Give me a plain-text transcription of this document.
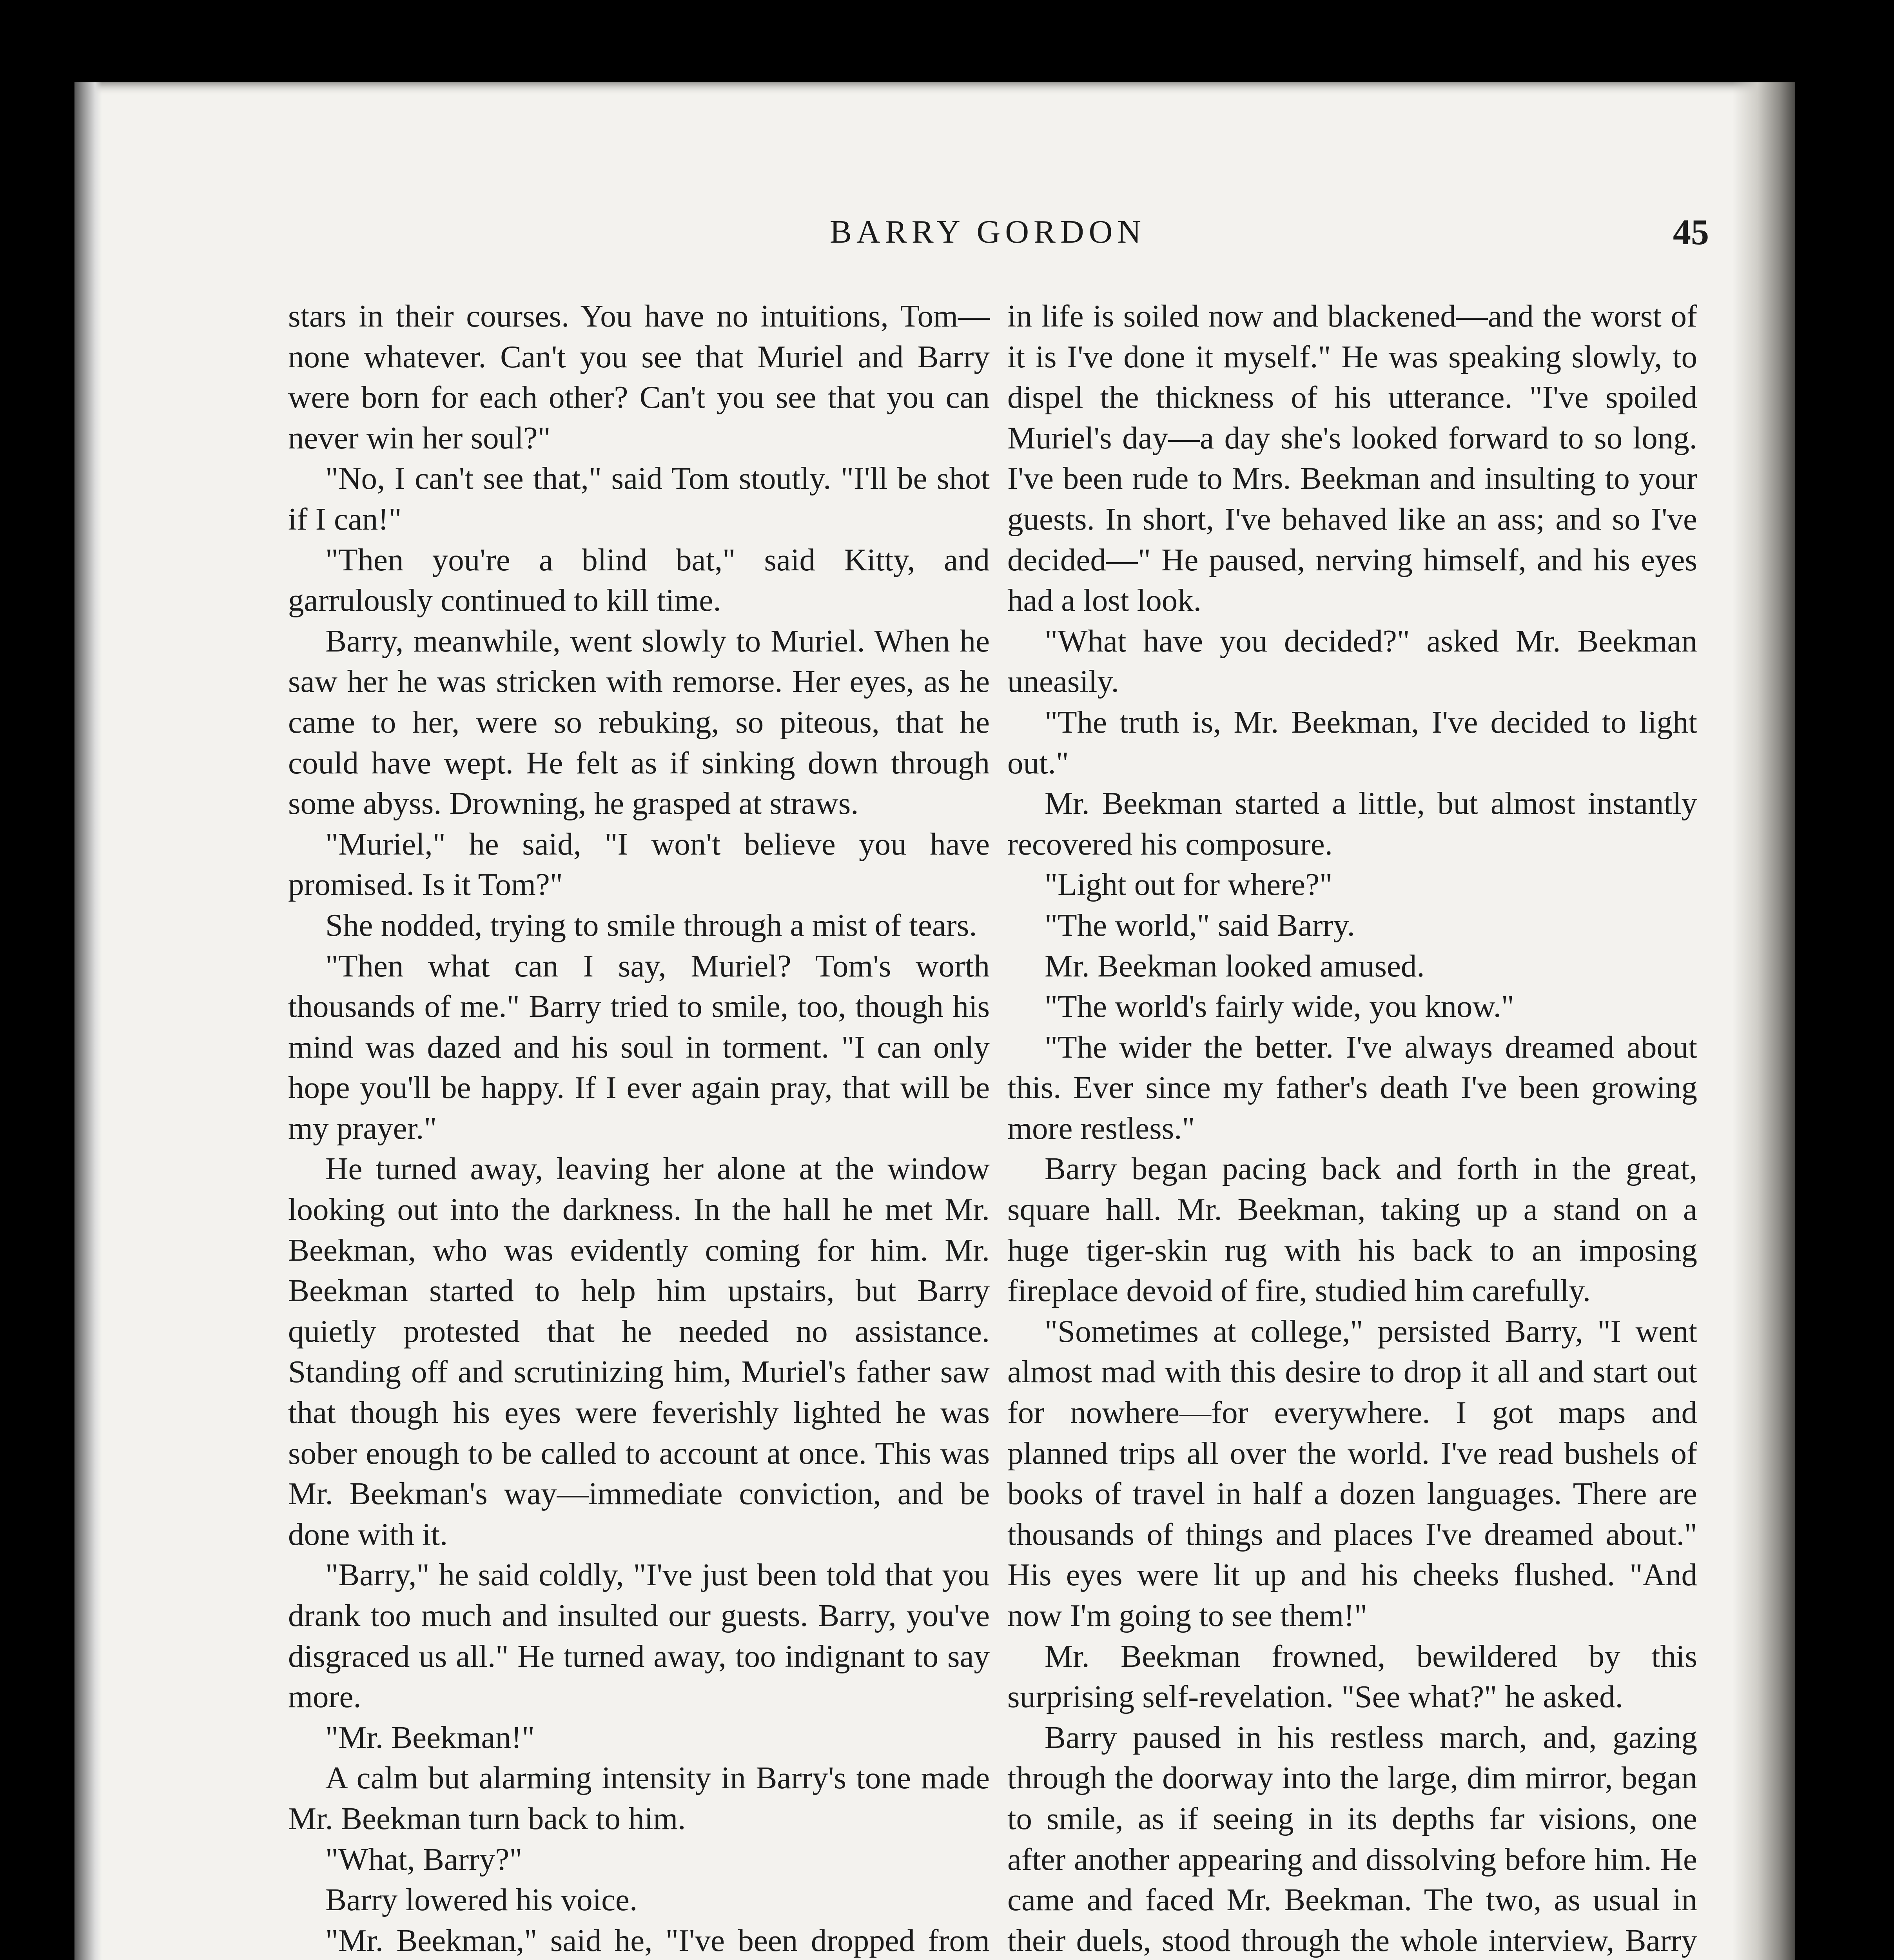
BARRY GORDON	45

stars in their courses. You have no intuitions, Tom—none whatever. Can't you see that Muriel and Barry were born for each other? Can't you see that you can never win her soul?"

"No, I can't see that," said Tom stoutly. "I'll be shot if I can!"

"Then you're a blind bat," said Kitty, and garrulously continued to kill time.

Barry, meanwhile, went slowly to Muriel. When he saw her he was stricken with remorse. Her eyes, as he came to her, were so rebuking, so piteous, that he could have wept. He felt as if sinking down through some abyss. Drowning, he grasped at straws.

"Muriel," he said, "I won't believe you have promised. Is it Tom?"

She nodded, trying to smile through a mist of tears.

"Then what can I say, Muriel? Tom's worth thousands of me." Barry tried to smile, too, though his mind was dazed and his soul in torment. "I can only hope you'll be happy. If I ever again pray, that will be my prayer."

He turned away, leaving her alone at the window looking out into the darkness. In the hall he met Mr. Beekman, who was evidently coming for him. Mr. Beekman started to help him upstairs, but Barry quietly protested that he needed no assistance. Standing off and scrutinizing him, Muriel's father saw that though his eyes were feverishly lighted he was sober enough to be called to account at once. This was Mr. Beekman's way—immediate conviction, and be done with it.

"Barry," he said coldly, "I've just been told that you drank too much and insulted our guests. Barry, you've disgraced us all." He turned away, too indignant to say more.

"Mr. Beekman!"

A calm but alarming intensity in Barry's tone made Mr. Beekman turn back to him.

"What, Barry?"

Barry lowered his voice.

"Mr. Beekman," said he, "I've been dropped from

in life is soiled now and blackened—and the worst of it is I've done it myself." He was speaking slowly, to dispel the thickness of his utterance. "I've spoiled Muriel's day—a day she's looked forward to so long. I've been rude to Mrs. Beekman and insulting to your guests. In short, I've behaved like an ass; and so I've decided—" He paused, nerving himself, and his eyes had a lost look.

"What have you decided?" asked Mr. Beekman uneasily.

"The truth is, Mr. Beekman, I've decided to light out."

Mr. Beekman started a little, but almost instantly recovered his composure.

"Light out for where?"

"The world," said Barry.

Mr. Beekman looked amused.

"The world's fairly wide, you know."

"The wider the better. I've always dreamed about this. Ever since my father's death I've been growing more restless."

Barry began pacing back and forth in the great, square hall. Mr. Beekman, taking up a stand on a huge tiger-skin rug with his back to an imposing fireplace devoid of fire, studied him carefully.

"Sometimes at college," persisted Barry, "I went almost mad with this desire to drop it all and start out for nowhere—for everywhere. I got maps and planned trips all over the world. I've read bushels of books of travel in half a dozen languages. There are thousands of things and places I've dreamed about." His eyes were lit up and his cheeks flushed. "And now I'm going to see them!"

Mr. Beekman frowned, bewildered by this surprising self-revelation. "See what?" he asked.

Barry paused in his restless march, and, gazing through the doorway into the large, dim mirror, began to smile, as if seeing in its depths far visions, one after another appearing and dissolving before him. He came and faced Mr. Beekman. The two, as usual in their duels, stood through the whole interview, Barry
